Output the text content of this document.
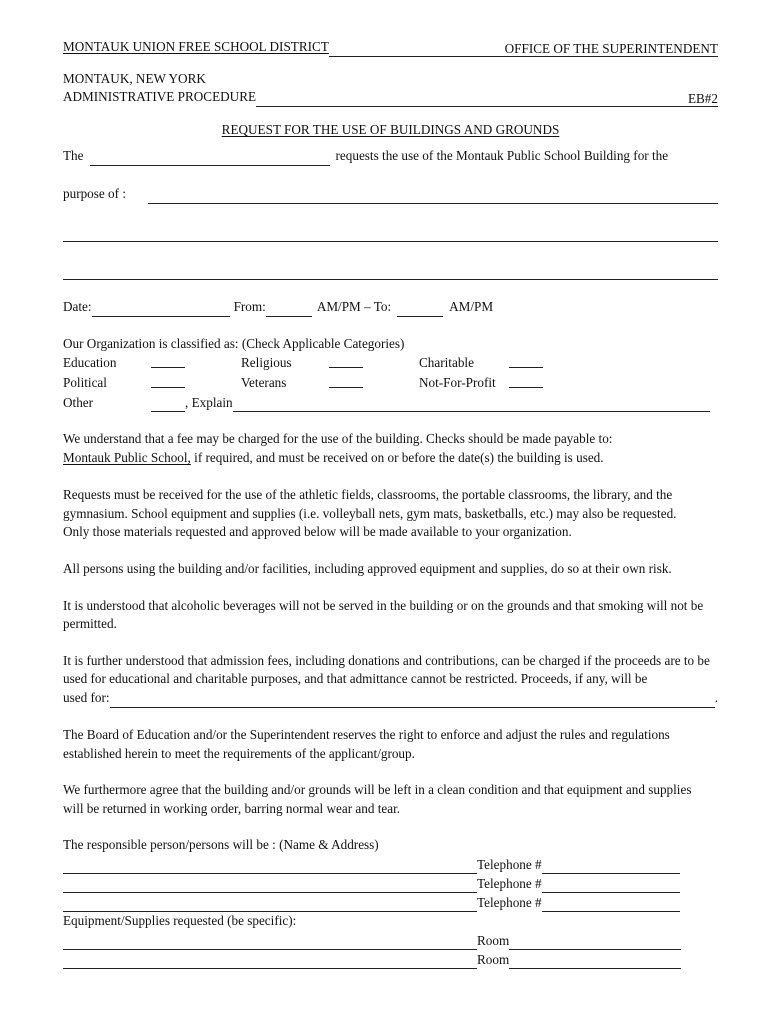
MONTAUK UNION FREE SCHOOL DISTRICT	OFFICE OF THE SUPERINTENDENT
MONTAUK, NEW YORK
ADMINISTRATIVE PROCEDURE	EB#2
REQUEST FOR THE USE OF BUILDINGS AND GROUNDS
The	requests the use of the Montauk Public School Building for the
purpose of :
Date:	From:	AM/PM – To:	AM/PM
Our Organization is classified as: (Check Applicable Categories)
Education	Religious	Charitable
Political	Veterans	Not-For-Profit
Other	, Explain
We understand that a fee may be charged for the use of the building. Checks should be made payable to:
Montauk Public School, if required, and must be received on or before the date(s) the building is used.

Requests must be received for the use of the athletic fields, classrooms, the portable classrooms, the library, and the gymnasium. School equipment and supplies (i.e. volleyball nets, gym mats, basketballs, etc.) may also be requested. Only those materials requested and approved below will be made available to your organization.

All persons using the building and/or facilities, including approved equipment and supplies, do so at their own risk.

It is understood that alcoholic beverages will not be served in the building or on the grounds and that smoking will not be permitted.

It is further understood that admission fees, including donations and contributions, can be charged if the proceeds are to be used for educational and charitable purposes, and that admittance cannot be restricted. Proceeds, if any, will be

used for:	.

The Board of Education and/or the Superintendent reserves the right to enforce and adjust the rules and regulations established herein to meet the requirements of the applicant/group.

We furthermore agree that the building and/or grounds will be left in a clean condition and that equipment and supplies will be returned in working order, barring normal wear and tear.

The responsible person/persons will be : (Name & Address)
Telephone #
Telephone #
Telephone #
Equipment/Supplies requested (be specific):
Room
Room
